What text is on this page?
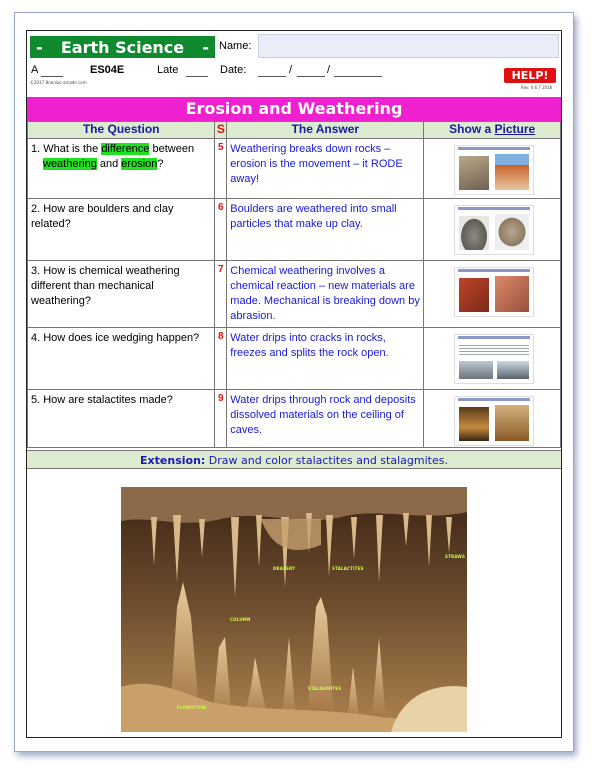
- Earth Science - Name:
A	ES04E	Late	Date:	/	/	HELP!
©2017 Brainiac-arcade.com
Rev. 4.6.7 2016
Erosion and Weathering
The Question	S	The Answer	Show a Picture
1. What is the difference between
weathering and erosion?	5	Weathering breaks down rocks – erosion is the movement – it RODE away!	

2. How are boulders and clay related?	6	Boulders are weathered into small particles that make up clay.	

3. How is chemical weathering different than mechanical weathering?	7	Chemical weathering involves a chemical reaction – new materials are made. Mechanical is breaking down by abrasion.	

4. How does ice wedging happen?	8	Water drips into cracks in rocks, freezes and splits the rock open.	

5. How are stalactites made?	9	Water drips through rock and deposits dissolved materials on the ceiling of caves.	
Extension: Draw and color stalactites and stalagmites.
DRAPERY	STALACTITES
STRAWS
COLUMN
STALAGMITES
FLOWSTONE
